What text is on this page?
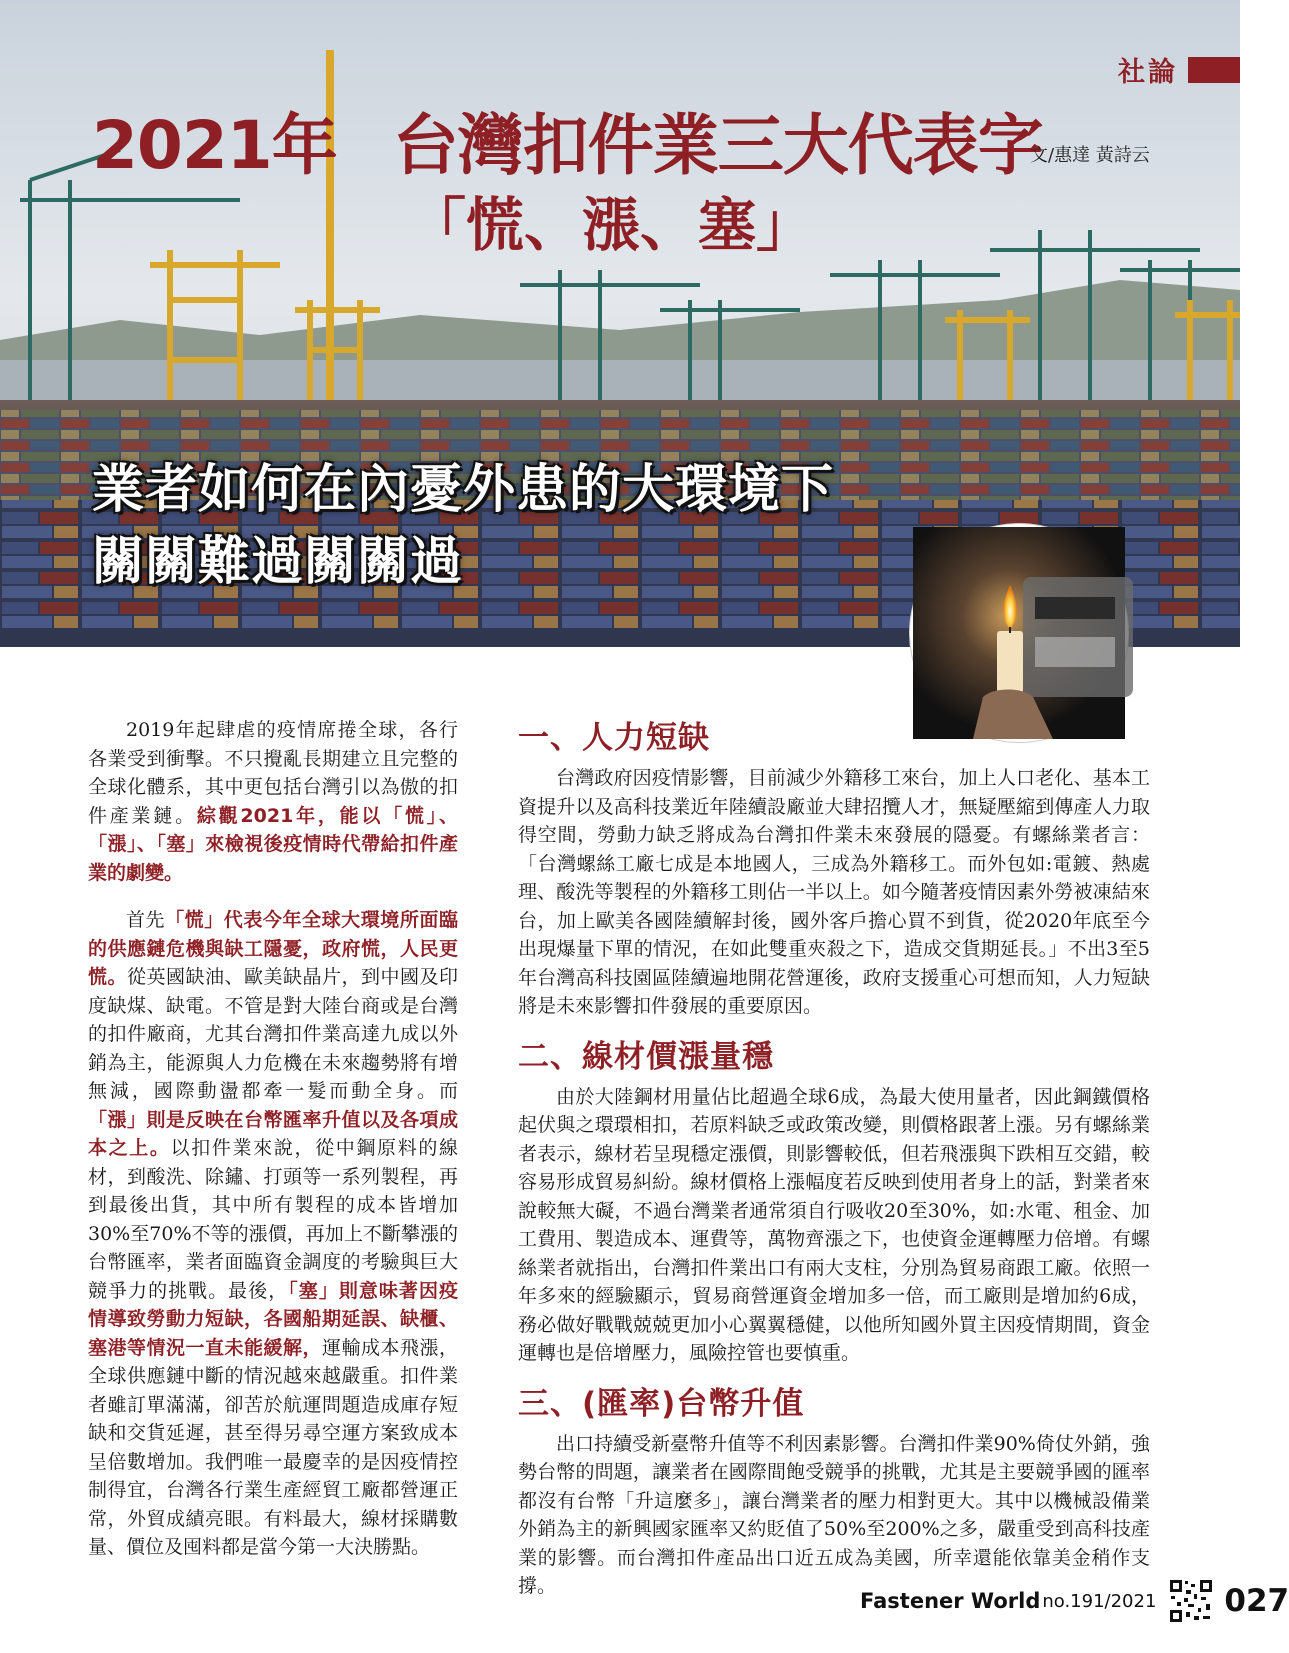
社論
2021年 台灣扣件業三大代表字
「慌、漲、塞」
文/惠達 黃詩云
業者如何在內憂外患的大環境下
關關難過關關過

2019年起肆虐的疫情席捲全球，各行各業受到衝擊。不只攪亂長期建立且完整的全球化體系，其中更包括台灣引以為傲的扣件產業鏈。綜觀2021年，能以「慌」、「漲」、「塞」來檢視後疫情時代帶給扣件產業的劇變。

首先「慌」代表今年全球大環境所面臨的供應鏈危機與缺工隱憂，政府慌，人民更慌。從英國缺油、歐美缺晶片，到中國及印度缺煤、缺電。不管是對大陸台商或是台灣的扣件廠商，尤其台灣扣件業高達九成以外銷為主，能源與人力危機在未來趨勢將有增無減，國際動盪都牽一髮而動全身。而「漲」則是反映在台幣匯率升值以及各項成本之上。以扣件業來說，從中鋼原料的線材，到酸洗、除鏽、打頭等一系列製程，再到最後出貨，其中所有製程的成本皆增加30%至70%不等的漲價，再加上不斷攀漲的台幣匯率，業者面臨資金調度的考驗與巨大競爭力的挑戰。最後，「塞」則意味著因疫情導致勞動力短缺，各國船期延誤、缺櫃、塞港等情況一直未能緩解，運輸成本飛漲，全球供應鏈中斷的情況越來越嚴重。扣件業者雖訂單滿滿，卻苦於航運問題造成庫存短缺和交貨延遲，甚至得另尋空運方案致成本呈倍數增加。我們唯一最慶幸的是因疫情控制得宜，台灣各行業生產經貿工廠都營運正常，外貿成績亮眼。有料最大，線材採購數量、價位及囤料都是當今第一大決勝點。

一、人力短缺

台灣政府因疫情影響，目前減少外籍移工來台，加上人口老化、基本工資提升以及高科技業近年陸續設廠並大肆招攬人才，無疑壓縮到傳產人力取得空間，勞動力缺乏將成為台灣扣件業未來發展的隱憂。有螺絲業者言：「台灣螺絲工廠七成是本地國人，三成為外籍移工。而外包如:電鍍、熱處理、酸洗等製程的外籍移工則佔一半以上。如今隨著疫情因素外勞被凍結來台，加上歐美各國陸續解封後，國外客戶擔心買不到貨，從2020年底至今出現爆量下單的情況，在如此雙重夾殺之下，造成交貨期延長。」不出3至5年台灣高科技園區陸續遍地開花營運後，政府支援重心可想而知，人力短缺將是未來影響扣件發展的重要原因。

二、線材價漲量穩

由於大陸鋼材用量佔比超過全球6成，為最大使用量者，因此鋼鐵價格起伏與之環環相扣，若原料缺乏或政策改變，則價格跟著上漲。另有螺絲業者表示，線材若呈現穩定漲價，則影響較低，但若飛漲與下跌相互交錯，較容易形成貿易糾紛。線材價格上漲幅度若反映到使用者身上的話，對業者來說較無大礙，不過台灣業者通常須自行吸收20至30%，如:水電、租金、加工費用、製造成本、運費等，萬物齊漲之下，也使資金運轉壓力倍增。有螺絲業者就指出，台灣扣件業出口有兩大支柱，分別為貿易商跟工廠。依照一年多來的經驗顯示，貿易商營運資金增加多一倍，而工廠則是增加約6成，務必做好戰戰兢兢更加小心翼翼穩健，以他所知國外買主因疫情期間，資金運轉也是倍增壓力，風險控管也要慎重。

三、(匯率)台幣升值

出口持續受新臺幣升值等不利因素影響。台灣扣件業90%倚仗外銷，強勢台幣的問題，讓業者在國際間飽受競爭的挑戰，尤其是主要競爭國的匯率都沒有台幣「升這麼多」，讓台灣業者的壓力相對更大。其中以機械設備業外銷為主的新興國家匯率又約貶值了50%至200%之多，嚴重受到高科技產業的影響。而台灣扣件產品出口近五成為美國，所幸還能依靠美金稍作支撐。

Fastener World no.191/2021 027
